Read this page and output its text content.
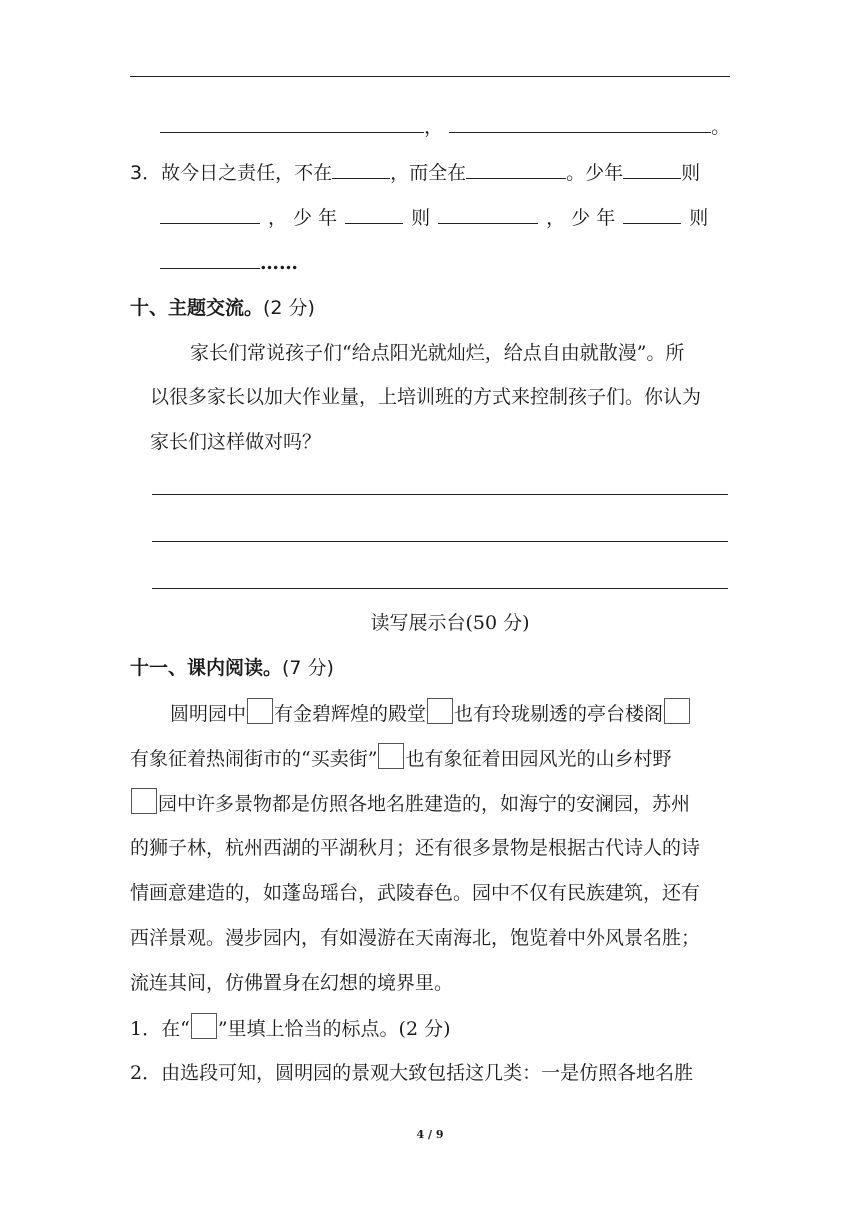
，	。
3．故今日之责任，不在	，而全在	。少年	则
， 少 年	则	， 少 年	则
……
十、主题交流。(2 分)
家长们常说孩子们“给点阳光就灿烂，给点自由就散漫”。所
以很多家长以加大作业量，上培训班的方式来控制孩子们。你认为
家长们这样做对吗？
读写展示台(50 分)
十一、课内阅读。(7 分)
圆明园中 有金碧辉煌的殿堂 也有玲珑剔透的亭台楼阁
有象征着热闹街市的“买卖街” 也有象征着田园风光的山乡村野
园中许多景物都是仿照各地名胜建造的，如海宁的安澜园，苏州
的狮子林，杭州西湖的平湖秋月；还有很多景物是根据古代诗人的诗
情画意建造的，如蓬岛瑶台，武陵春色。园中不仅有民族建筑，还有
西洋景观。漫步园内，有如漫游在天南海北，饱览着中外风景名胜；
流连其间，仿佛置身在幻想的境界里。
1．在“ ”里填上恰当的标点。(2 分)
2．由选段可知，圆明园的景观大致包括这几类：一是仿照各地名胜
4 / 9
